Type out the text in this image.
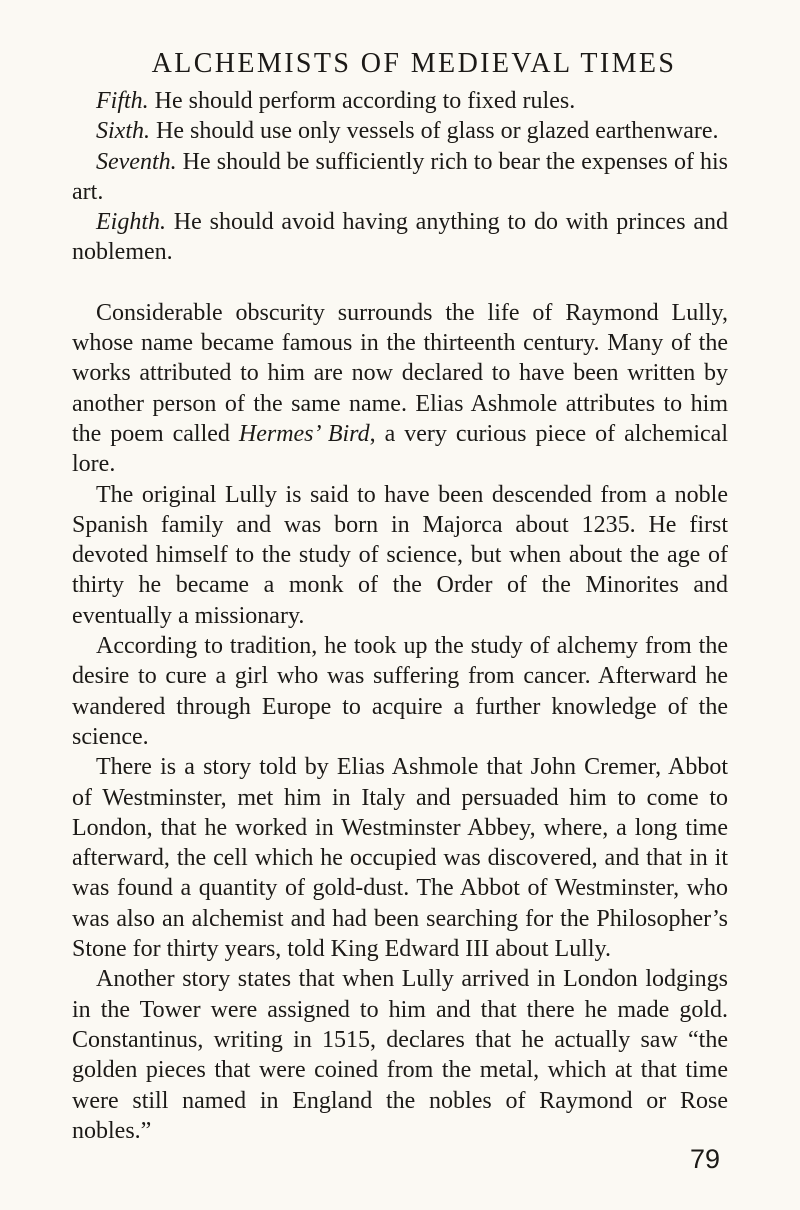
ALCHEMISTS OF MEDIEVAL TIMES

Fifth. He should perform according to fixed rules.

Sixth. He should use only vessels of glass or glazed earthenware.

Seventh. He should be sufficiently rich to bear the expenses of his art.

Eighth. He should avoid having anything to do with princes and noblemen.

Considerable obscurity surrounds the life of Raymond Lully, whose name became famous in the thirteenth century. Many of the works attributed to him are now declared to have been written by another person of the same name. Elias Ashmole attributes to him the poem called Hermes’ Bird, a very curious piece of alchemical lore.

The original Lully is said to have been descended from a noble Spanish family and was born in Majorca about 1235. He first devoted himself to the study of science, but when about the age of thirty he became a monk of the Order of the Minorites and eventually a missionary.

According to tradition, he took up the study of alchemy from the desire to cure a girl who was suffering from cancer. Afterward he wandered through Europe to acquire a further knowledge of the science.

There is a story told by Elias Ashmole that John Cremer, Abbot of Westminster, met him in Italy and persuaded him to come to London, that he worked in Westminster Abbey, where, a long time afterward, the cell which he occupied was discovered, and that in it was found a quantity of gold-dust. The Abbot of Westminster, who was also an alchemist and had been searching for the Philosopher’s Stone for thirty years, told King Edward III about Lully.

Another story states that when Lully arrived in London lodgings in the Tower were assigned to him and that there he made gold. Constantinus, writing in 1515, declares that he actually saw “the golden pieces that were coined from the metal, which at that time were still named in England the nobles of Raymond or Rose nobles.”

79
